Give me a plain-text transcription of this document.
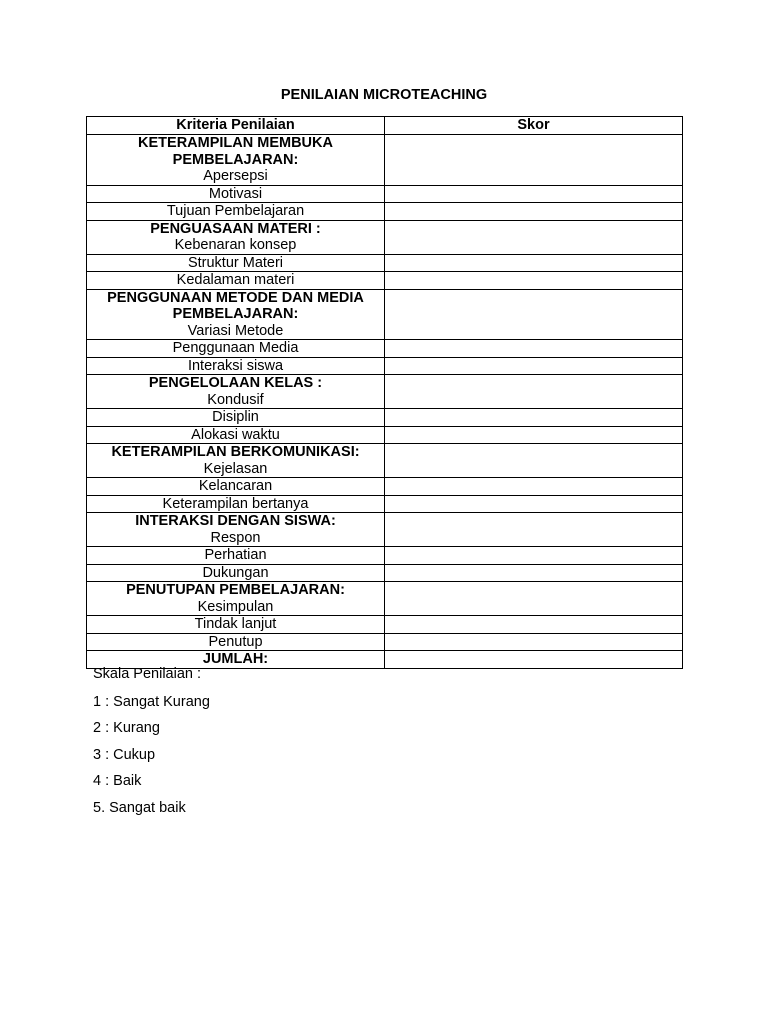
PENILAIAN MICROTEACHING
Kriteria Penilaian	Skor

KETERAMPILAN MEMBUKA PEMBELAJARAN:
Apersepsi	

Motivasi	
Tujuan Pembelajaran	

PENGUASAAN MATERI :
Kebenaran konsep	

Struktur Materi	
Kedalaman materi	

PENGGUNAAN METODE DAN MEDIA PEMBELAJARAN:
Variasi Metode	

Penggunaan Media	
Interaksi siswa	

PENGELOLAAN KELAS :
Kondusif	

Disiplin	
Alokasi waktu	

KETERAMPILAN BERKOMUNIKASI:
Kejelasan	

Kelancaran	
Keterampilan bertanya	

INTERAKSI DENGAN SISWA:
Respon	

Perhatian	
Dukungan	

PENUTUPAN PEMBELAJARAN:
Kesimpulan	

Tindak lanjut	
Penutup	
JUMLAH:	
Skala Penilaian :
1 : Sangat Kurang
2 : Kurang
3 : Cukup
4 : Baik
5. Sangat baik
